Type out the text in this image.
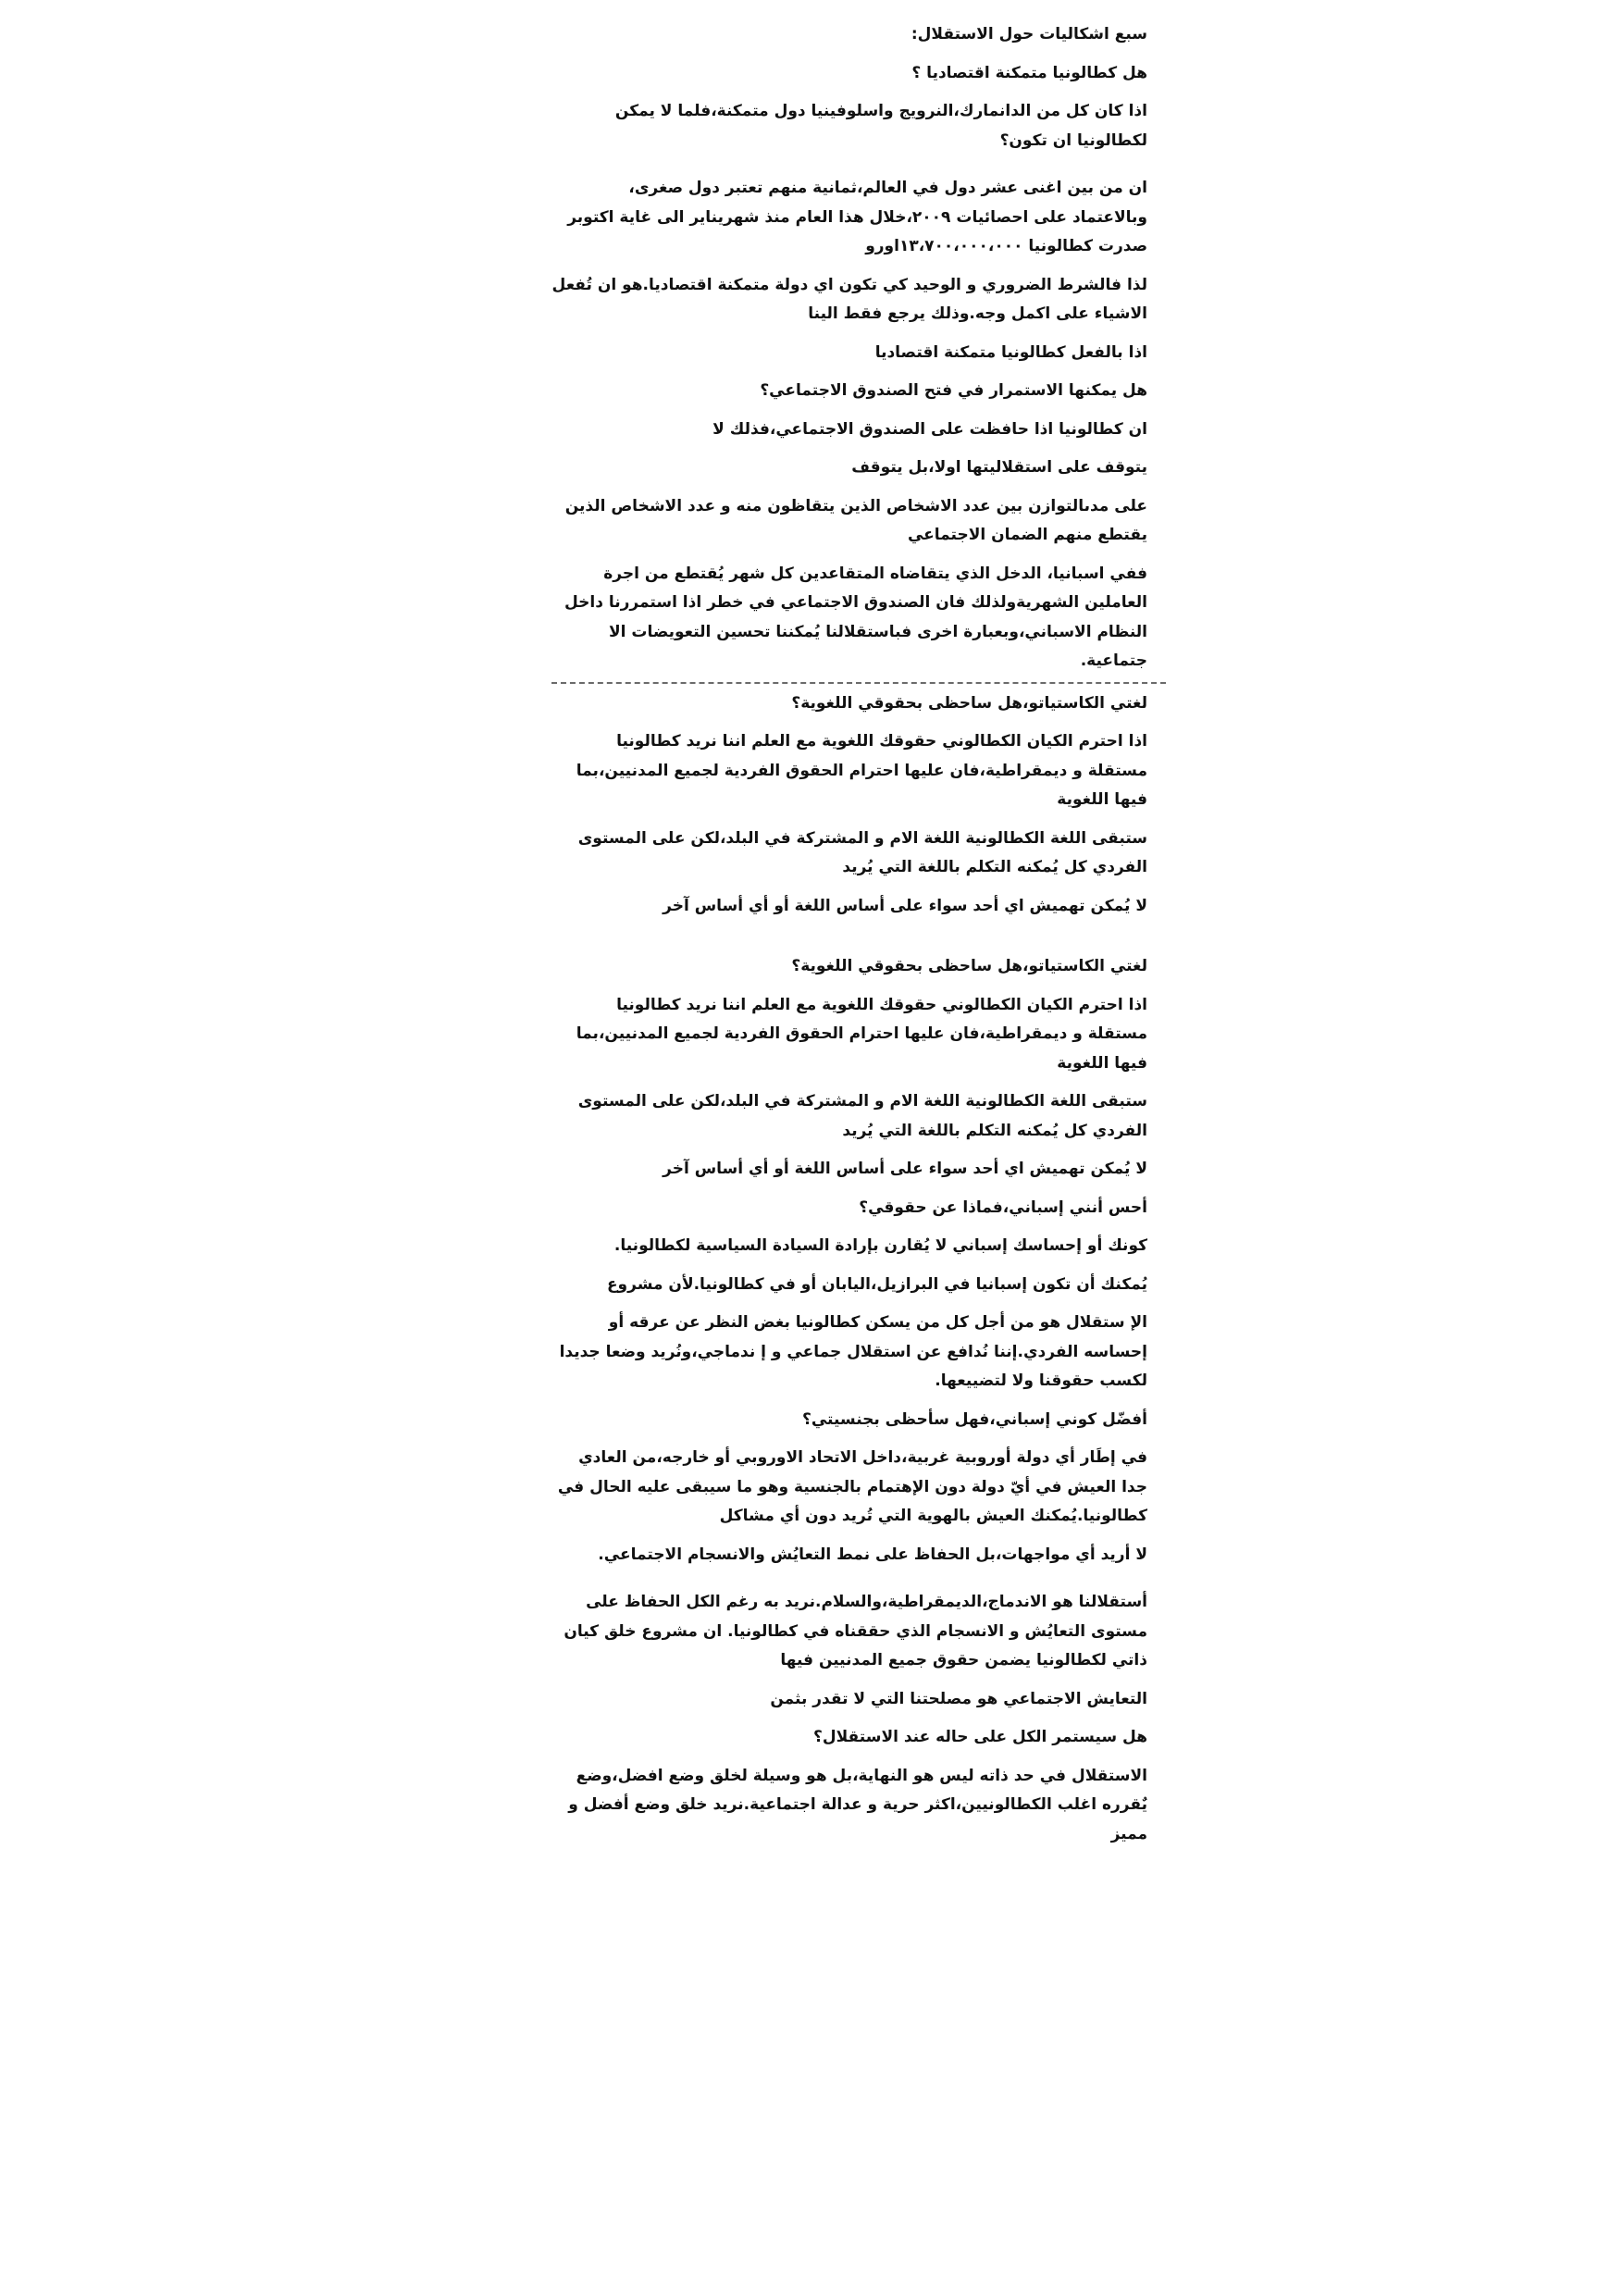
سبع اشكاليات حول الاستقلال:

هل كطالونيا متمكنة اقتصاديا ؟

اذا كان كل من الدانمارك،النرويج واسلوفينيا دول متمكنة،فلما لا يمكن لكطالونيا ان تكون؟

ان من بين اغنى عشر دول في العالم،ثمانية منهم تعتبر دول صغرى، وبالاعتماد على احصائيات ٢٠٠٩،خلال هذا العام منذ شهريناير الى غاية اكتوبر صدرت كطالونيا ١٣،٧٠٠،٠٠٠،٠٠٠اورو

لذا فالشرط الضروري و الوحيد كي تكون اي دولة متمكنة اقتصاديا.هو ان تُفعل الاشياء على اكمل وجه.وذلك يرجع فقط الينا

اذا بالفعل كطالونيا متمكنة اقتصاديا

هل يمكنها الاستمرار في فتح الصندوق الاجتماعي؟

ان كطالونيا اذا حافظت على الصندوق الاجتماعي،فذلك لا

يتوقف على استقلاليتها اولا،بل يتوقف

على مدىالتوازن بين عدد الاشخاص الذين يتقاظون منه و عدد الاشخاص الذين يقتطع منهم الضمان الاجتماعي

ففي اسبانيا، الدخل الذي يتقاضاه المتقاعدين كل شهر يُقتطع من اجرة العاملين الشهريةولذلك فان الصندوق الاجتماعي في خطر اذا استمررنا داخل النظام الاسباني،وبعبارة اخرى فباستقلالنا يُمكننا تحسين التعويضات الا جتماعية.

لغتي الكاستياتو،هل ساحظى بحقوقي اللغوية؟

اذا احترم الكيان الكطالوني حقوقك اللغوية مع العلم اننا نريد كطالونيا مستقلة و ديمقراطية،فان عليها احترام الحقوق الفردية لجميع المدنيين،بما فيها اللغوية

ستبقى اللغة الكطالونية اللغة الام و المشتركة في البلد،لكن على المستوى الفردي كل يُمكنه التكلم باللغة التي يُريد

لا يُمكن تهميش اي أحد سواء على أساس اللغة أو أي أساس آخر

لغتي الكاستياتو،هل ساحظى بحقوقي اللغوية؟

اذا احترم الكيان الكطالوني حقوقك اللغوية مع العلم اننا نريد كطالونيا مستقلة و ديمقراطية،فان عليها احترام الحقوق الفردية لجميع المدنيين،بما فيها اللغوية

ستبقى اللغة الكطالونية اللغة الام و المشتركة في البلد،لكن على المستوى الفردي كل يُمكنه التكلم باللغة التي يُريد

لا يُمكن تهميش اي أحد سواء على أساس اللغة أو أي أساس آخر

أحس أنني إسباني،فماذا عن حقوقي؟

كونك أو إحساسك إسباني لا يُقارن بإرادة السيادة السياسية لكطالونيا.

يُمكنك أن تكون إسبانيا في البرازيل،اليابان أو في كطالونيا.لأن مشروع

الإ ستقلال هو من أجل كل من يسكن كطالونيا بغض النظر عن عرقه أو إحساسه الفردي.إننا نُدافع عن استقلال جماعي و إ ندماجي،ونُريد وضعا جديدا لكسب حقوقنا ولا لتضييعها.

أفضّل كوني إسباني،فهل سأحظى بجنسيتي؟

في إطَار أي دولة أوروبية غربية،داخل الاتحاد الاوروبي أو خارجه،من العادي جدا العيش في أيّ دولة دون الإهتمام بالجنسية وهو ما سيبقى عليه الحال في كطالونيا.يُمكنك العيش بالهوية التي تُريد دون أي مشاكل

لا أريد أي مواجهات،بل الحفاظ على نمط التعايُش والانسجام الاجتماعي.

أستقلالنا هو الاندماج،الديمقراطية،والسلام.نريد به رغم الكل الحفاظ على مستوى التعايُش و الانسجام الذي حققناه في كطالونيا. ان مشروع خلق كيان ذاتي لكطالونيا يضمن حقوق جميع المدنيين فيها

التعايش الاجتماعي هو مصلحتنا التي لا تقدر بثمن

هل سيستمر الكل على حاله عند الاستقلال؟

الاستقلال في حد ذاته ليس هو النهاية،بل هو وسيلة لخلق وضع افضل،وضع يٌقرره اغلب الكطالونيين،اكثر حرية و عدالة اجتماعية.نريد خلق وضع أفضل و مميز
